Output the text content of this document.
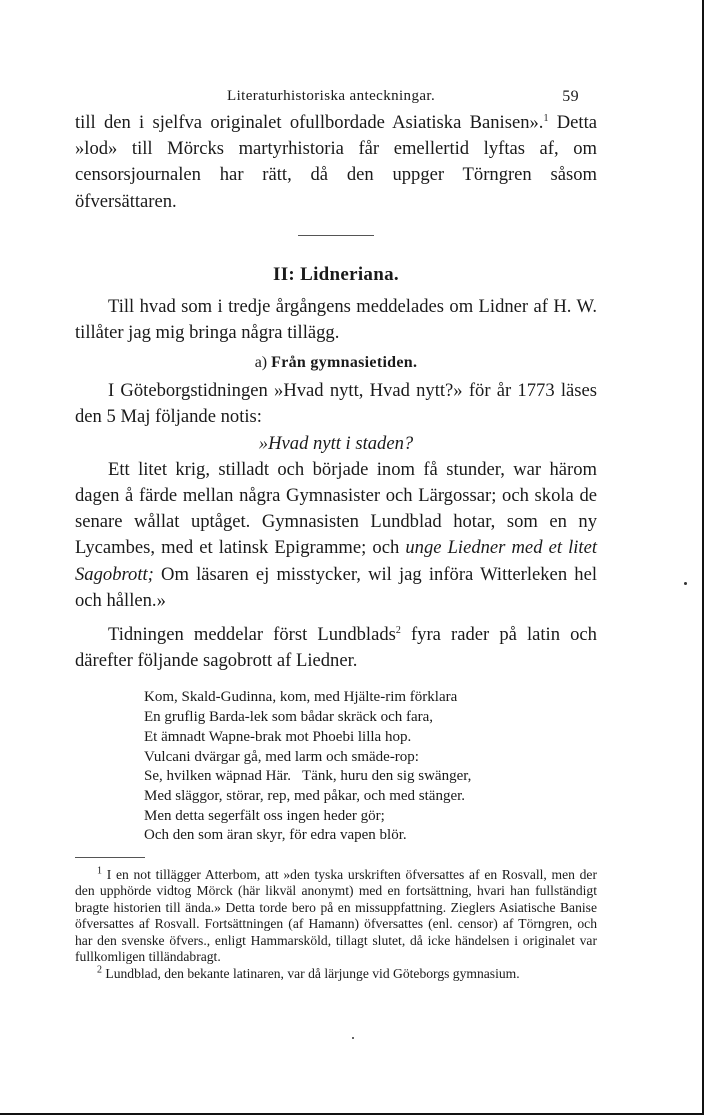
Literaturhistoriska anteckningar.	59

till den i sjelfva originalet ofullbordade Asiatiska Banisen».$^1$ Detta »lod» till Mörcks martyrhistoria får emellertid lyftas af, om censorsjournalen har rätt, då den uppger Törngren såsom öfversättaren.

II: Lidneriana.

Till hvad som i tredje årgångens meddelades om Lidner af H. W. tillåter jag mig bringa några tillägg.

a) Från gymnasietiden.

I Göteborgstidningen »Hvad nytt, Hvad nytt?» för år 1773 läses den 5 Maj följande notis:

»Hvad nytt i staden?

Ett litet krig, stilladt och började inom få stunder, war härom dagen å färde mellan några Gymnasister och Lärgossar; och skola de senare wållat uptåget. Gymnasisten Lundblad hotar, som en ny Lycambes, med et latinsk Epigramme; och unge Liedner med et litet Sagobrott; Om läsaren ej misstycker, wil jag införa Witterleken hel och hållen.»

Tidningen meddelar först Lundblads$^2$ fyra rader på latin och därefter följande sagobrott af Liedner.

Kom, Skald-Gudinna, kom, med Hjälte-rim förklara
En gruflig Barda-lek som bådar skräck och fara,
Et ämnadt Wapne-brak mot Phoebi lilla hop.
Vulcani dvärgar gå, med larm och smäde-rop:
Se, hvilken wäpnad Här.   Tänk, huru den sig swänger,
Med släggor, störar, rep, med påkar, och med stänger.
Men detta segerfält oss ingen heder gör;
Och den som äran skyr, för edra vapen blör.

$^1$ I en not tillägger Atterbom, att »den tyska urskriften öfversattes af en Rosvall, men der den upphörde vidtog Mörck (här likväl anonymt) med en fortsättning, hvari han fullständigt bragte historien till ända.» Detta torde bero på en missuppfattning. Zieglers Asiatische Banise öfversattes af Rosvall. Fortsättningen (af Hamann) öfversattes (enl. censor) af Törngren, och har den svenske öfvers., enligt Hammarsköld, tillagt slutet, då icke händelsen i originalet var fullkomligen tilländabragt.

$^2$ Lundblad, den bekante latinaren, var då lärjunge vid Göteborgs gymnasium.
